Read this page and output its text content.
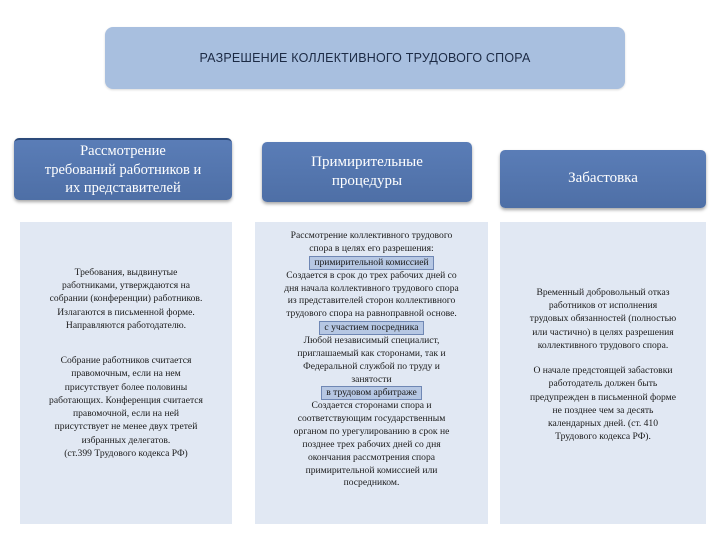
РАЗРЕШЕНИЕ КОЛЛЕКТИВНОГО ТРУДОВОГО СПОРА
Рассмотрение
требований работников и
их представителей
Примирительные
процедуры	Забастовка

Требования, выдвинутые
работниками, утверждаются на
собрании (конференции) работников.
Излагаются в письменной форме.
Направляются работодателю.

Собрание работников считается
правомочным, если на нем
присутствует более половины
работающих. Конференция считается
правомочной, если на ней
присутствует не менее двух третей
избранных делегатов.
(ст.399 Трудового кодекса РФ)

Рассмотрение коллективного трудового
спора в целях его разрешения:

примирительной комиссией

Создается в срок до трех рабочих дней со
дня начала коллективного трудового спора
из представителей сторон коллективного
трудового спора на равноправной основе.

с участием посредника

Любой независимый специалист,
приглашаемый как сторонами, так и
Федеральной службой по труду и
занятости

в трудовом арбитраже

Создается сторонами спора и
соответствующим государственным
органом по урегулированию в срок не
позднее трех рабочих дней со дня
окончания рассмотрения спора
примирительной комиссией или
посредником.

Временный добровольный отказ
работников от исполнения
трудовых обязанностей (полностью
или частично) в целях разрешения
коллективного трудового спора.

О начале предстоящей забастовки
работодатель должен быть
предупрежден в письменной форме
не позднее чем за десять
календарных дней. (ст. 410
Трудового кодекса РФ).
